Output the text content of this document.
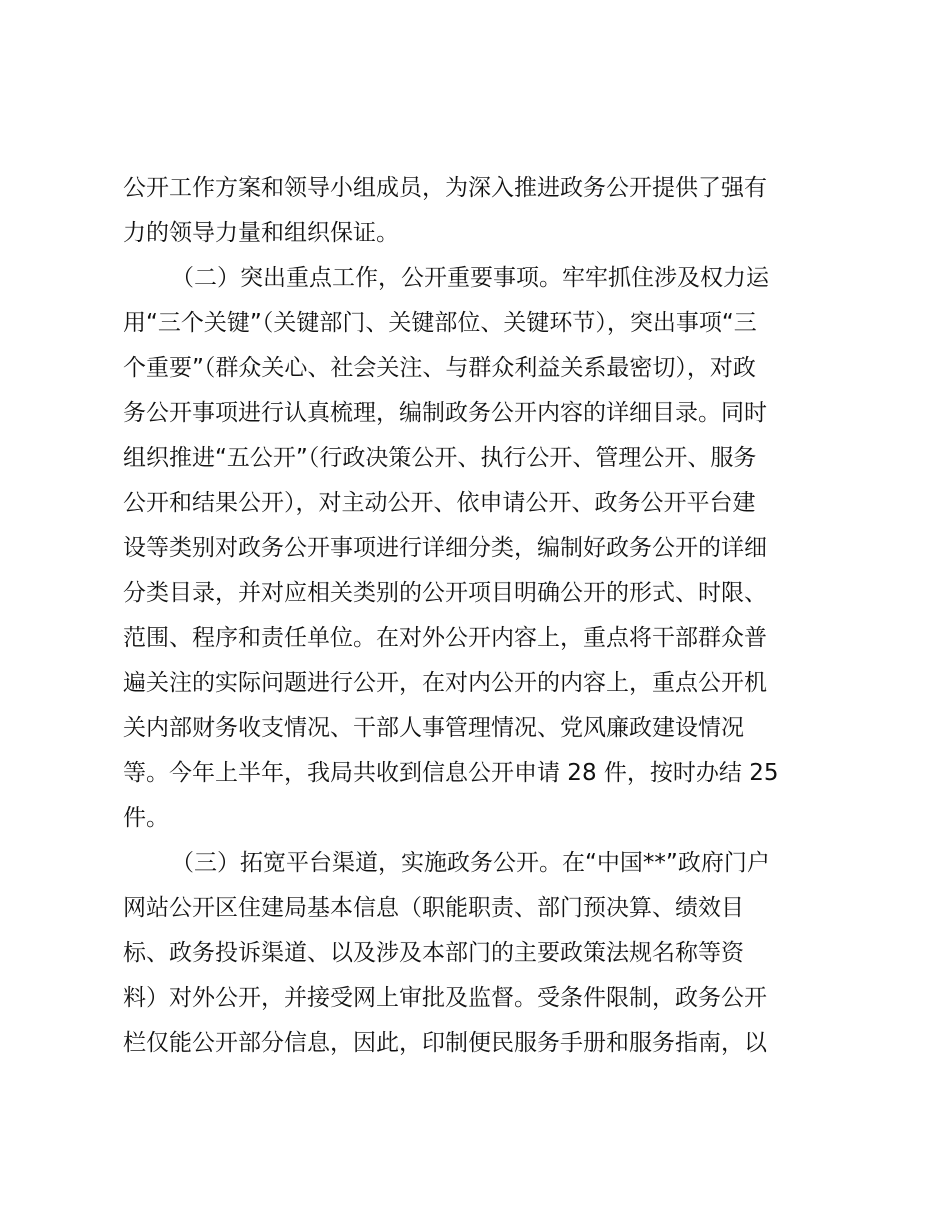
公开工作方案和领导小组成员，为深入推进政务公开提供了强有
力的领导力量和组织保证。
（二）突出重点工作，公开重要事项。牢牢抓住涉及权力运
用“三个关键”（关键部门、关键部位、关键环节），突出事项“三
个重要”（群众关心、社会关注、与群众利益关系最密切），对政
务公开事项进行认真梳理，编制政务公开内容的详细目录。同时
组织推进“五公开”（行政决策公开、执行公开、管理公开、服务
公开和结果公开），对主动公开、依申请公开、政务公开平台建
设等类别对政务公开事项进行详细分类，编制好政务公开的详细
分类目录，并对应相关类别的公开项目明确公开的形式、时限、
范围、程序和责任单位。在对外公开内容上，重点将干部群众普
遍关注的实际问题进行公开，在对内公开的内容上，重点公开机
关内部财务收支情况、干部人事管理情况、党风廉政建设情况
等。今年上半年，我局共收到信息公开申请 28 件，按时办结 25
件。
（三）拓宽平台渠道，实施政务公开。在“中国**”政府门户
网站公开区住建局基本信息（职能职责、部门预决算、绩效目
标、政务投诉渠道、以及涉及本部门的主要政策法规名称等资
料）对外公开，并接受网上审批及监督。受条件限制，政务公开
栏仅能公开部分信息，因此，印制便民服务手册和服务指南，以
